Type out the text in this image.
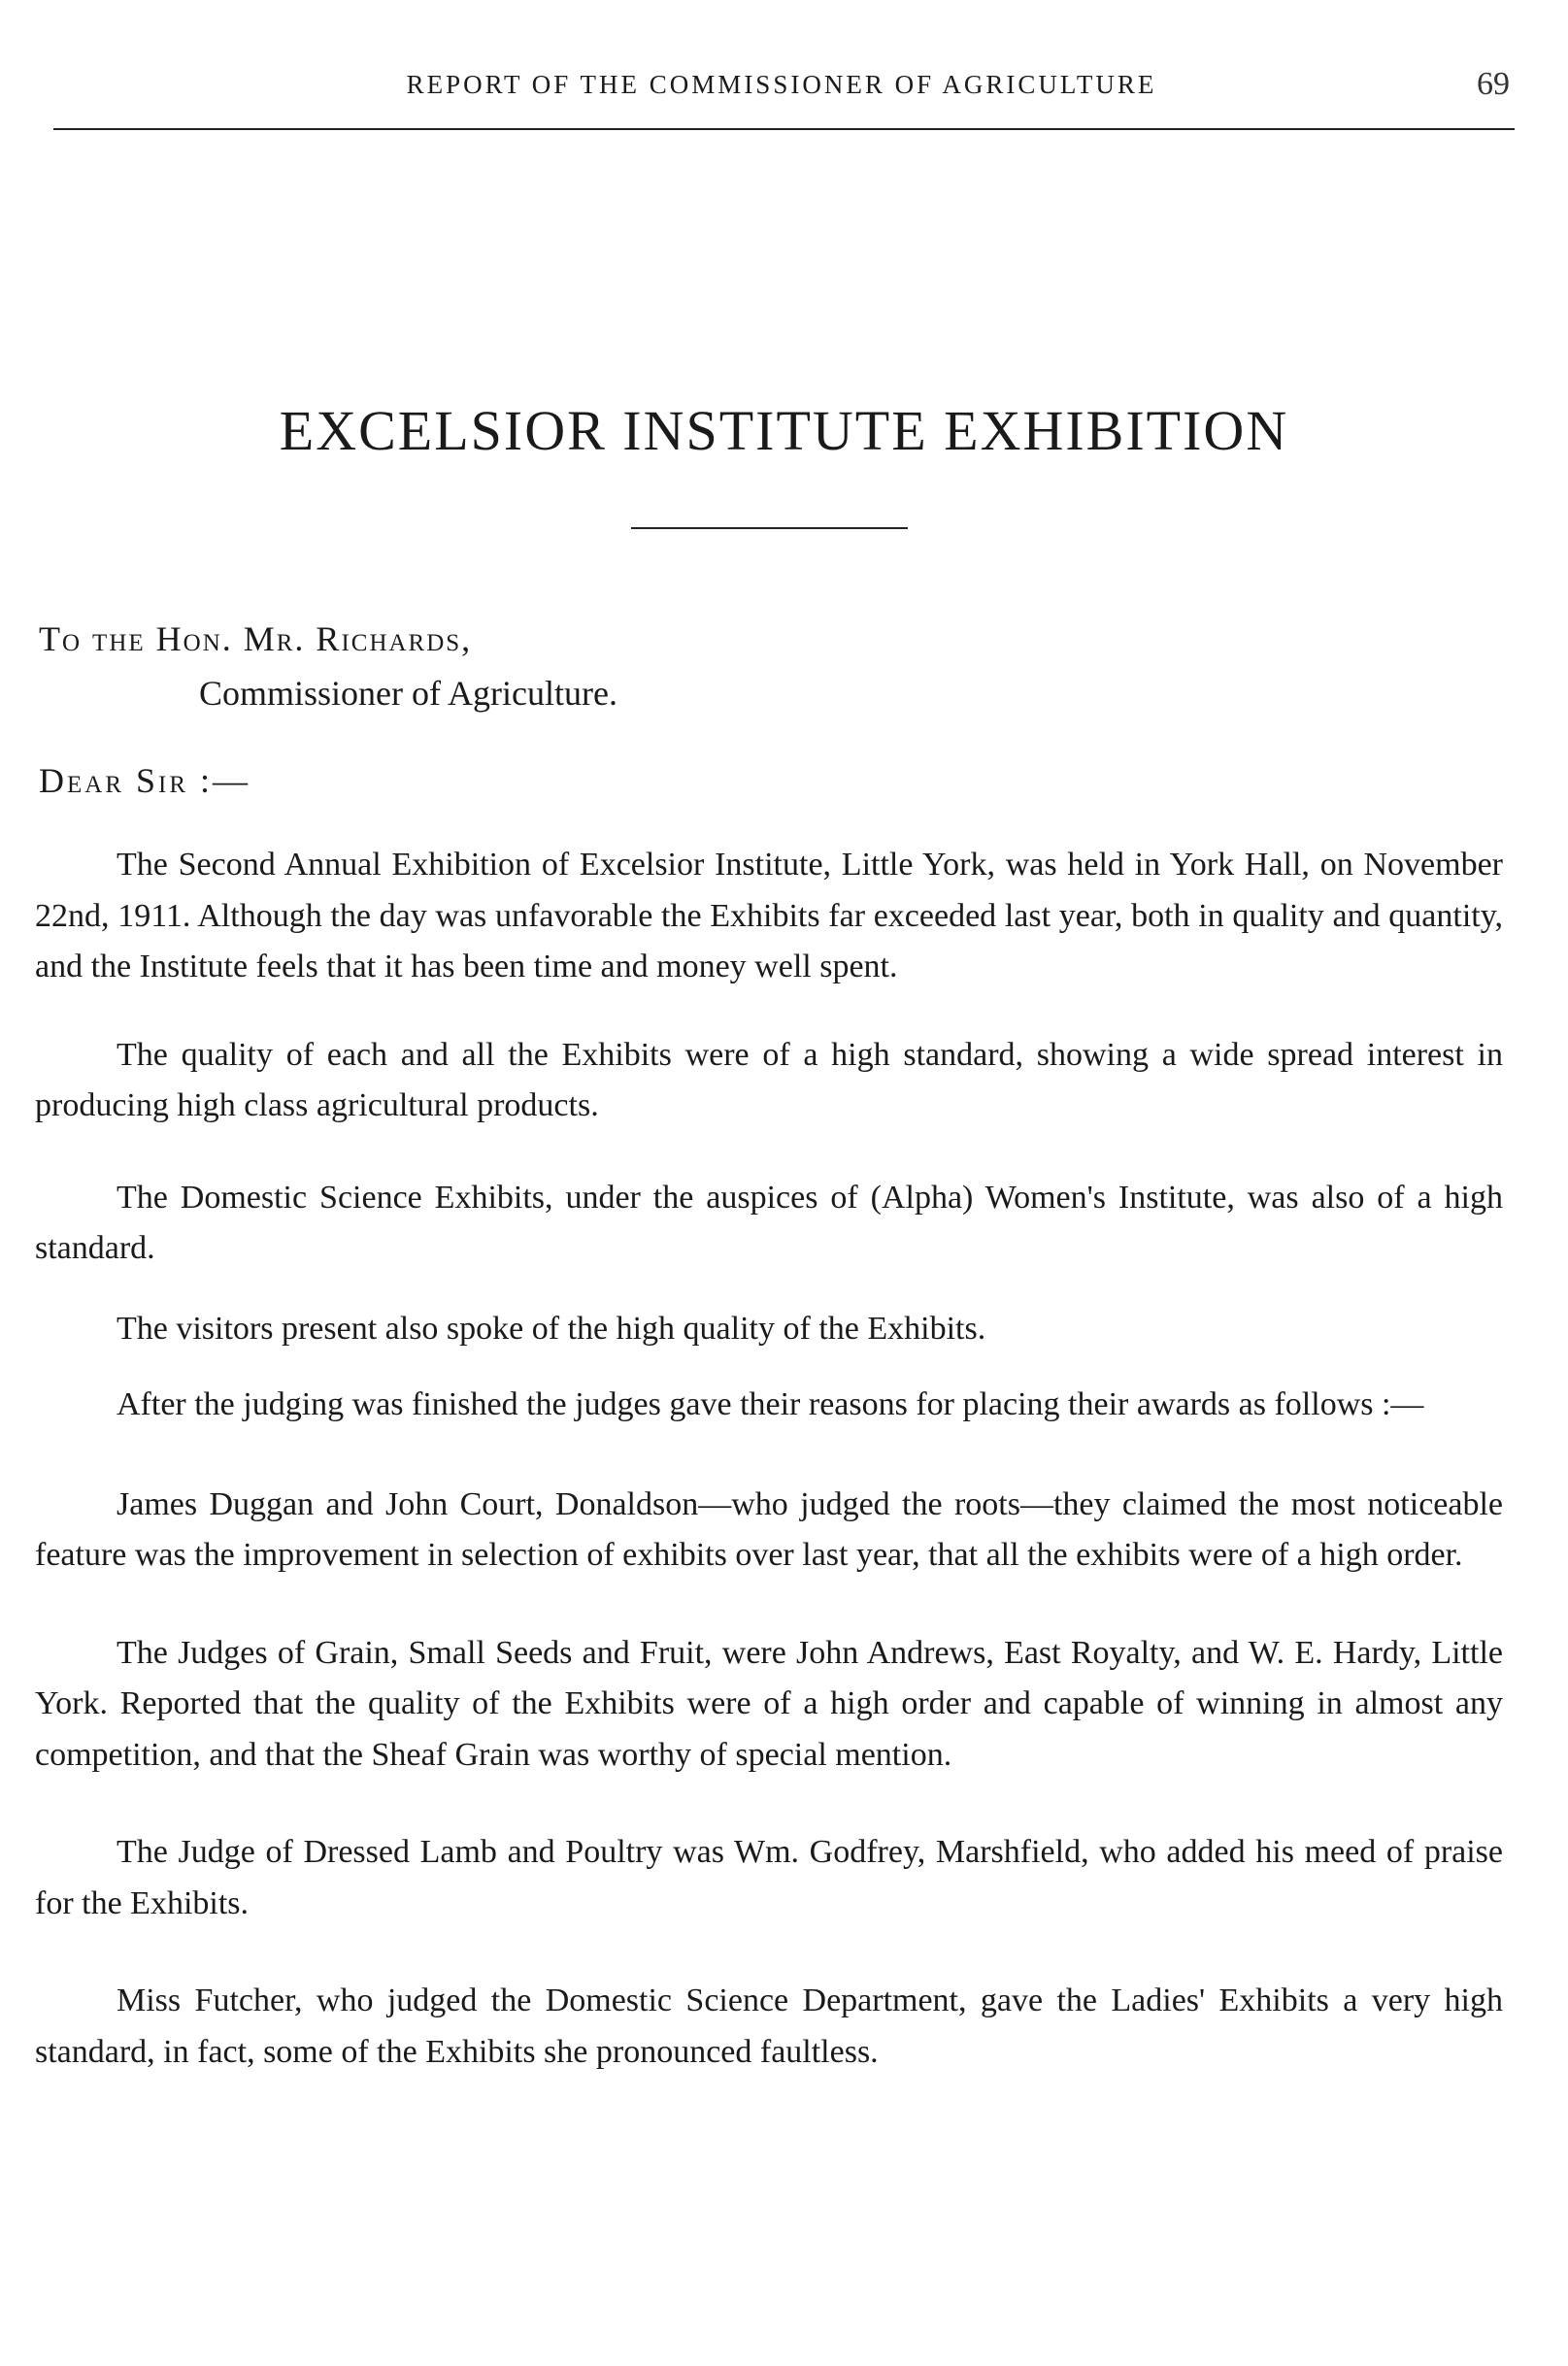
REPORT OF THE COMMISSIONER OF AGRICULTURE	69
EXCELSIOR INSTITUTE EXHIBITION
To the Hon. Mr. Richards,
Commissioner of Agriculture.
Dear Sir :—

The Second Annual Exhibition of Excelsior Institute, Little York, was held in York Hall, on November 22nd, 1911. Although the day was unfavorable the Exhibits far exceeded last year, both in quality and quantity, and the Institute feels that it has been time and money well spent.

The quality of each and all the Exhibits were of a high standard, showing a wide spread interest in producing high class agricultural products.

The Domestic Science Exhibits, under the auspices of (Alpha) Women's Institute, was also of a high standard.

The visitors present also spoke of the high quality of the Exhibits.

After the judging was finished the judges gave their reasons for placing their awards as follows :—

James Duggan and John Court, Donaldson—who judged the roots—they claimed the most noticeable feature was the improvement in selection of exhibits over last year, that all the exhibits were of a high order.

The Judges of Grain, Small Seeds and Fruit, were John Andrews, East Royalty, and W. E. Hardy, Little York. Reported that the quality of the Exhibits were of a high order and capable of winning in almost any competition, and that the Sheaf Grain was worthy of special mention.

The Judge of Dressed Lamb and Poultry was Wm. Godfrey, Marshfield, who added his meed of praise for the Exhibits.

Miss Futcher, who judged the Domestic Science Department, gave the Ladies' Exhibits a very high standard, in fact, some of the Exhibits she pronounced faultless.
